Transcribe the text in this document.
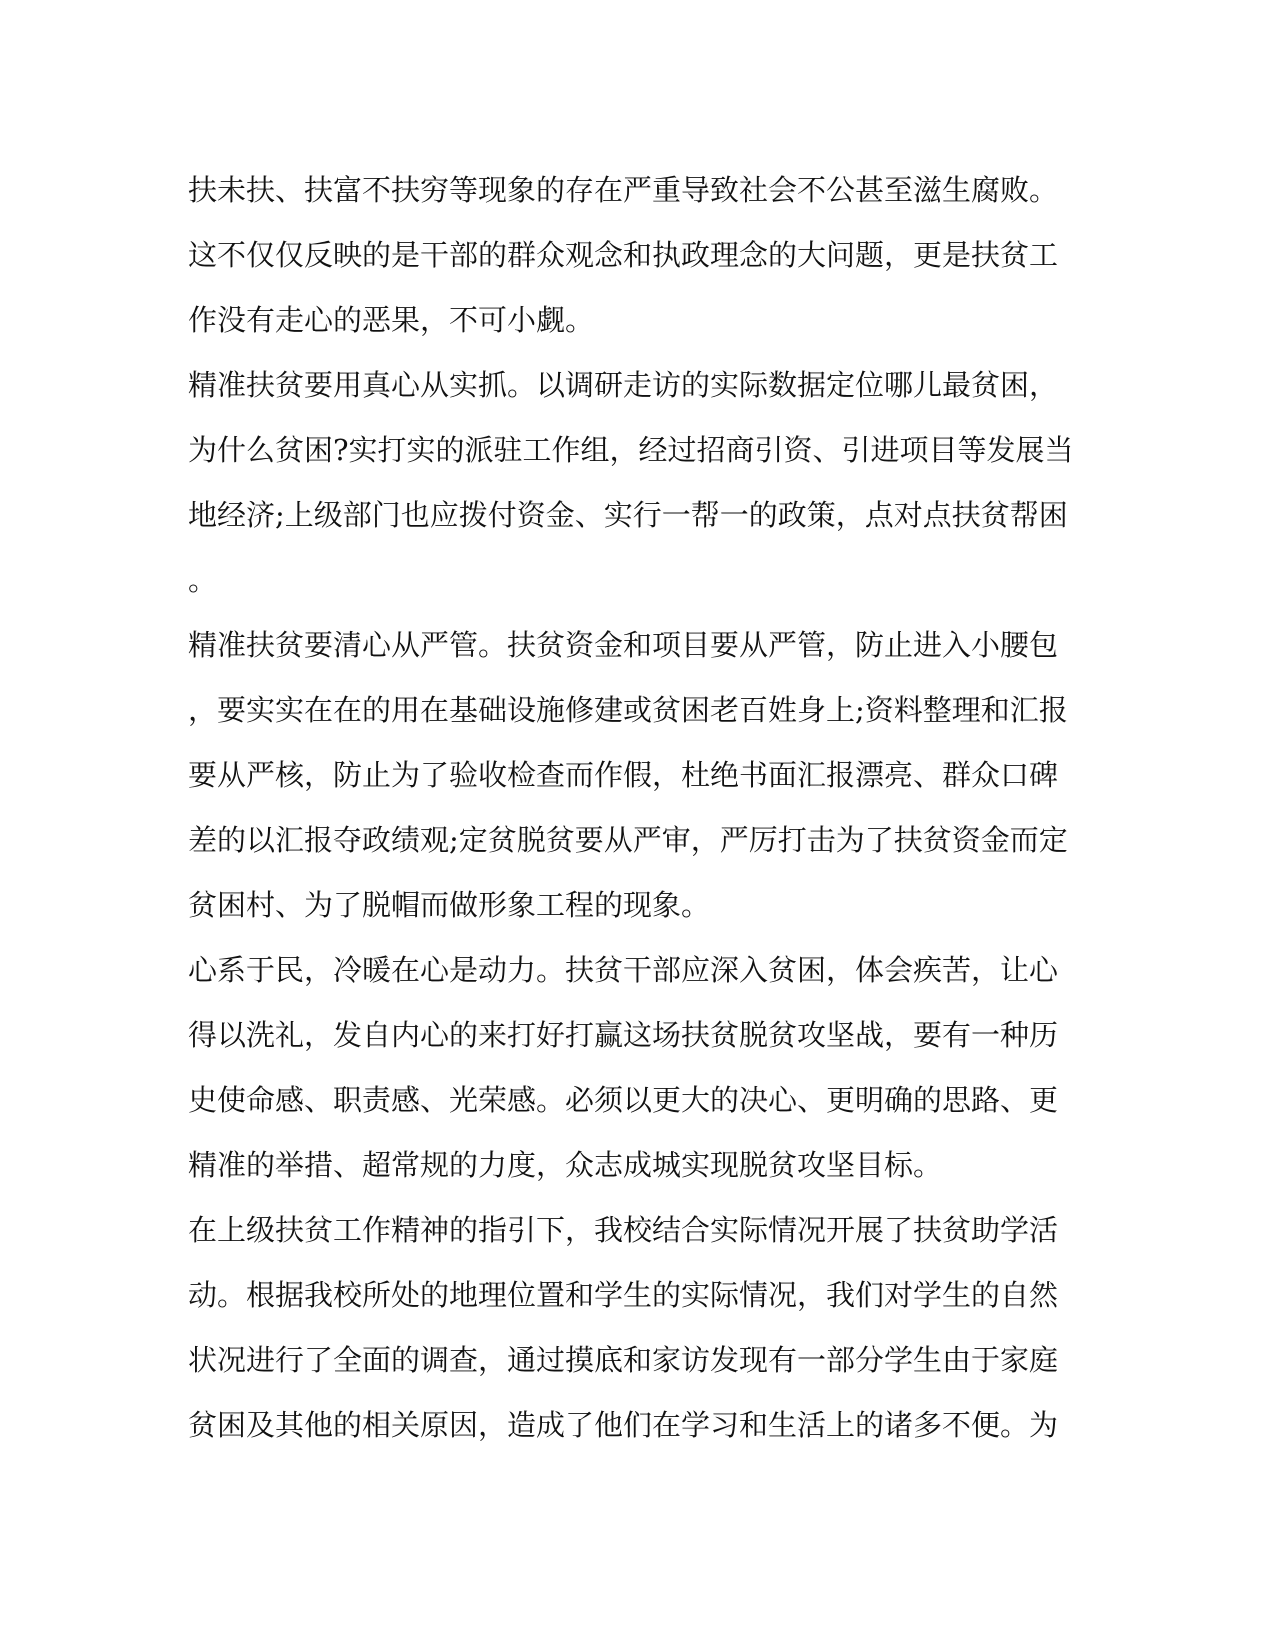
扶未扶、扶富不扶穷等现象的存在严重导致社会不公甚至滋生腐败。
这不仅仅反映的是干部的群众观念和执政理念的大问题，更是扶贫工
作没有走心的恶果，不可小觑。
精准扶贫要用真心从实抓。以调研走访的实际数据定位哪儿最贫困，
为什么贫困?实打实的派驻工作组，经过招商引资、引进项目等发展当
地经济;上级部门也应拨付资金、实行一帮一的政策，点对点扶贫帮困
。
精准扶贫要清心从严管。扶贫资金和项目要从严管，防止进入小腰包
，要实实在在的用在基础设施修建或贫困老百姓身上;资料整理和汇报
要从严核，防止为了验收检查而作假，杜绝书面汇报漂亮、群众口碑
差的以汇报夺政绩观;定贫脱贫要从严审，严厉打击为了扶贫资金而定
贫困村、为了脱帽而做形象工程的现象。
心系于民，冷暖在心是动力。扶贫干部应深入贫困，体会疾苦，让心
得以洗礼，发自内心的来打好打赢这场扶贫脱贫攻坚战，要有一种历
史使命感、职责感、光荣感。必须以更大的决心、更明确的思路、更
精准的举措、超常规的力度，众志成城实现脱贫攻坚目标。
在上级扶贫工作精神的指引下，我校结合实际情况开展了扶贫助学活
动。根据我校所处的地理位置和学生的实际情况，我们对学生的自然
状况进行了全面的调查，通过摸底和家访发现有一部分学生由于家庭
贫困及其他的相关原因，造成了他们在学习和生活上的诸多不便。为
